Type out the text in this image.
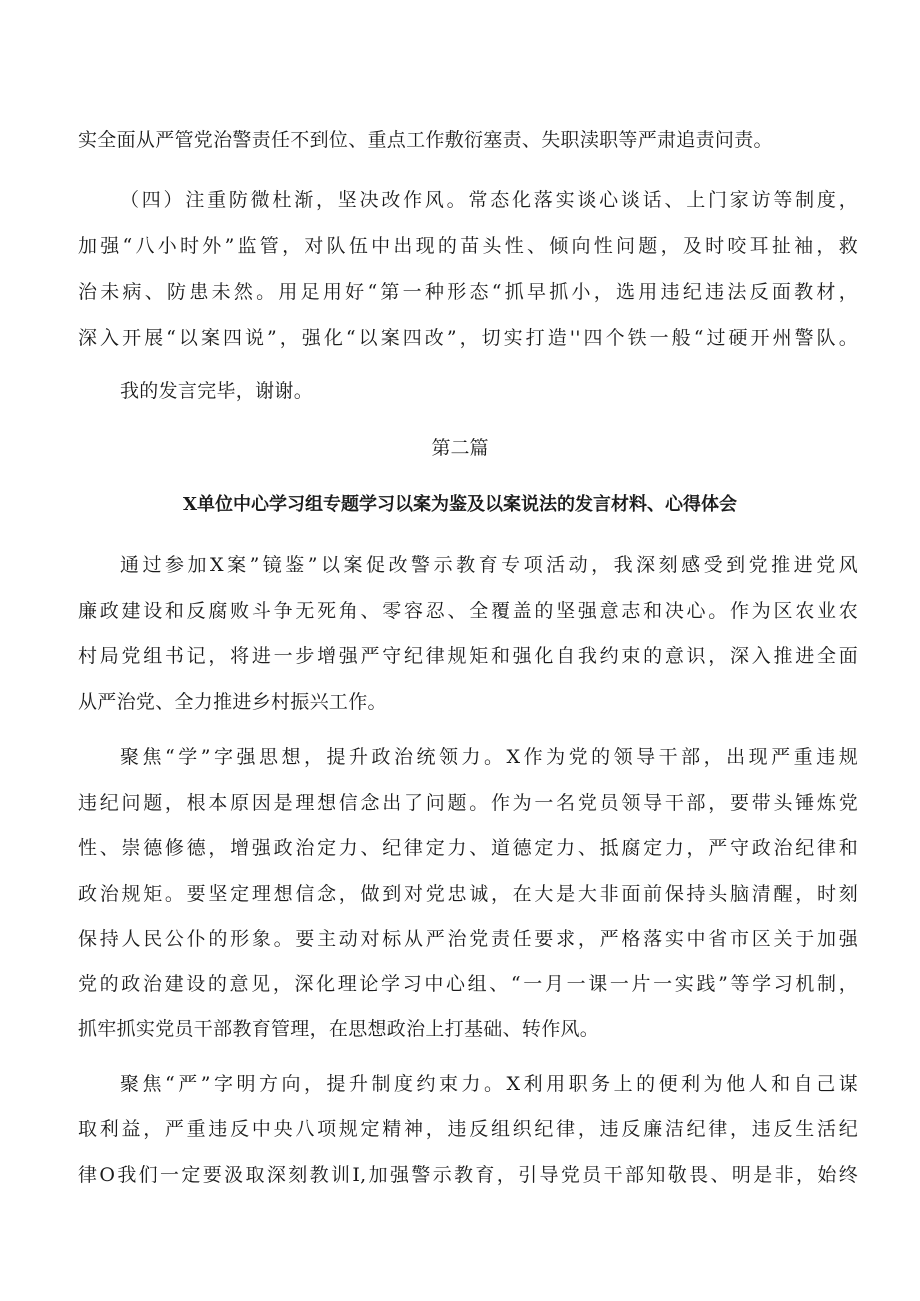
实全面从严管党治警责任不到位、重点工作敷衍塞责、失职渎职等严肃追责问责。
（四）注重防微杜渐，坚决改作风。常态化落实谈心谈话、上门家访等制度，
加强“八小时外”监管，对队伍中出现的苗头性、倾向性问题，及时咬耳扯袖，救
治未病、防患未然。用足用好“第一种形态“抓早抓小，选用违纪违法反面教材，
深入开展“以案四说”，强化“以案四改”，切实打造''四个铁一般“过硬开州警队。
我的发言完毕，谢谢。
第二篇
X单位中心学习组专题学习以案为鉴及以案说法的发言材料、心得体会
通过参加X案”镜鉴”以案促改警示教育专项活动，我深刻感受到党推进党风
廉政建设和反腐败斗争无死角、零容忍、全覆盖的坚强意志和决心。作为区农业农
村局党组书记，将进一步增强严守纪律规矩和强化自我约束的意识，深入推进全面
从严治党、全力推进乡村振兴工作。
聚焦“学”字强思想，提升政治统领力。X作为党的领导干部，出现严重违规
违纪问题，根本原因是理想信念出了问题。作为一名党员领导干部，要带头锤炼党
性、崇德修德，增强政治定力、纪律定力、道德定力、抵腐定力，严守政治纪律和
政治规矩。要坚定理想信念，做到对党忠诚，在大是大非面前保持头脑清醒，时刻
保持人民公仆的形象。要主动对标从严治党责任要求，严格落实中省市区关于加强
党的政治建设的意见，深化理论学习中心组、“一月一课一片一实践”等学习机制，
抓牢抓实党员干部教育管理，在思想政治上打基础、转作风。
聚焦“严”字明方向，提升制度约束力。X利用职务上的便利为他人和自己谋
取利益，严重违反中央八项规定精神，违反组织纪律，违反廉洁纪律，违反生活纪
律O我们一定要汲取深刻教训I,加强警示教育，引导党员干部知敬畏、明是非，始终
